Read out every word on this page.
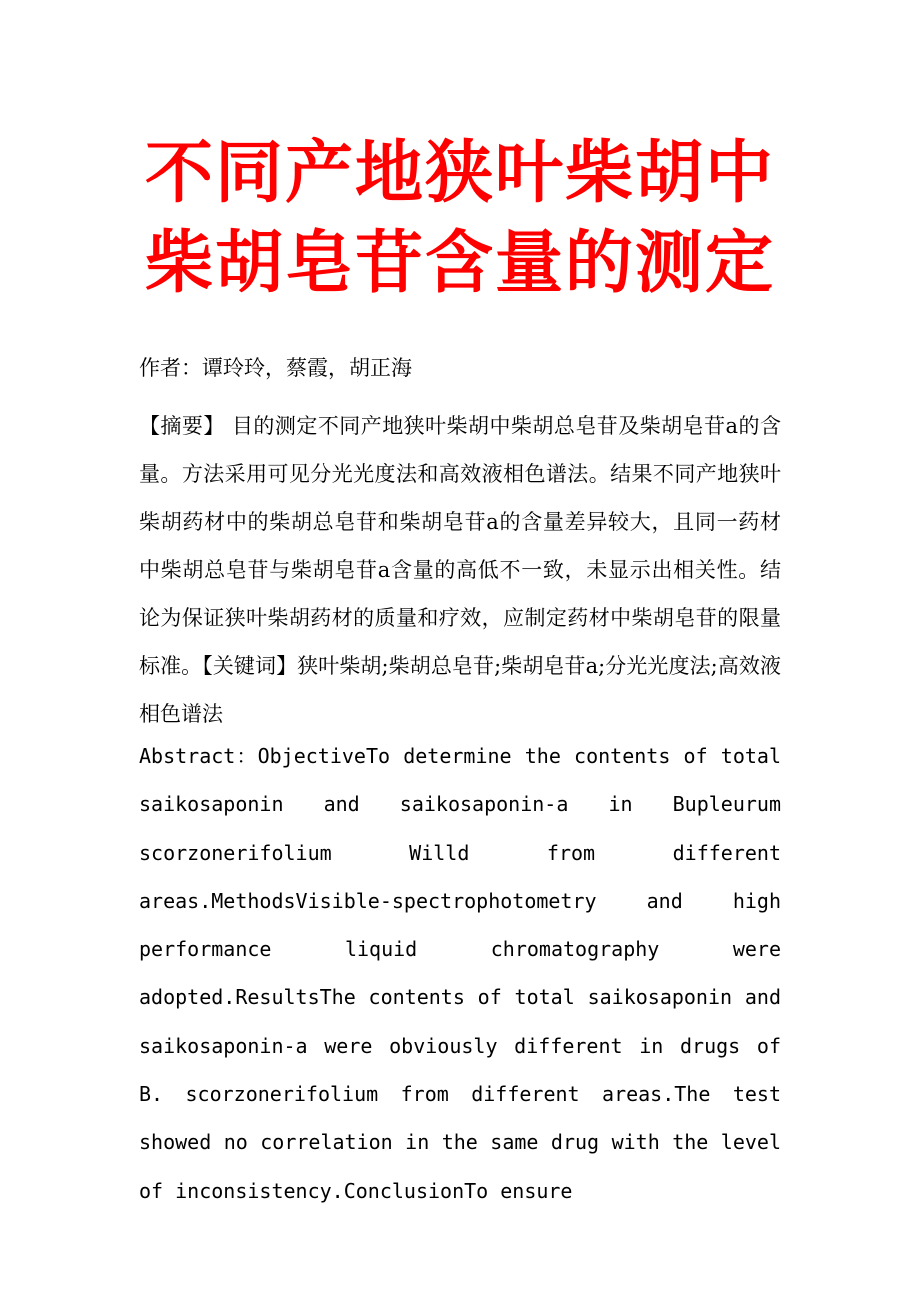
不同产地狭叶柴胡中
柴胡皂苷含量的测定

作者：谭玲玲，蔡霞，胡正海

【摘要】 目的测定不同产地狭叶柴胡中柴胡总皂苷及柴胡皂苷a的含量。方法采用可见分光光度法和高效液相色谱法。结果不同产地狭叶柴胡药材中的柴胡总皂苷和柴胡皂苷a的含量差异较大，且同一药材中柴胡总皂苷与柴胡皂苷a含量的高低不一致，未显示出相关性。结论为保证狭叶柴胡药材的质量和疗效，应制定药材中柴胡皂苷的限量标准。【关键词】狭叶柴胡;柴胡总皂苷;柴胡皂苷a;分光光度法;高效液相色谱法

Abstract：ObjectiveTo determine the contents of total saikosaponin and saikosaponin-a in Bupleurum scorzonerifolium Willd from different areas.MethodsVisible-spectrophotometry and high performance liquid chromatography were adopted.ResultsThe contents of total saikosaponin and saikosaponin-a were obviously different in drugs of B. scorzonerifolium from different areas.The test showed no correlation in the same drug with the level of inconsistency.ConclusionTo ensure
